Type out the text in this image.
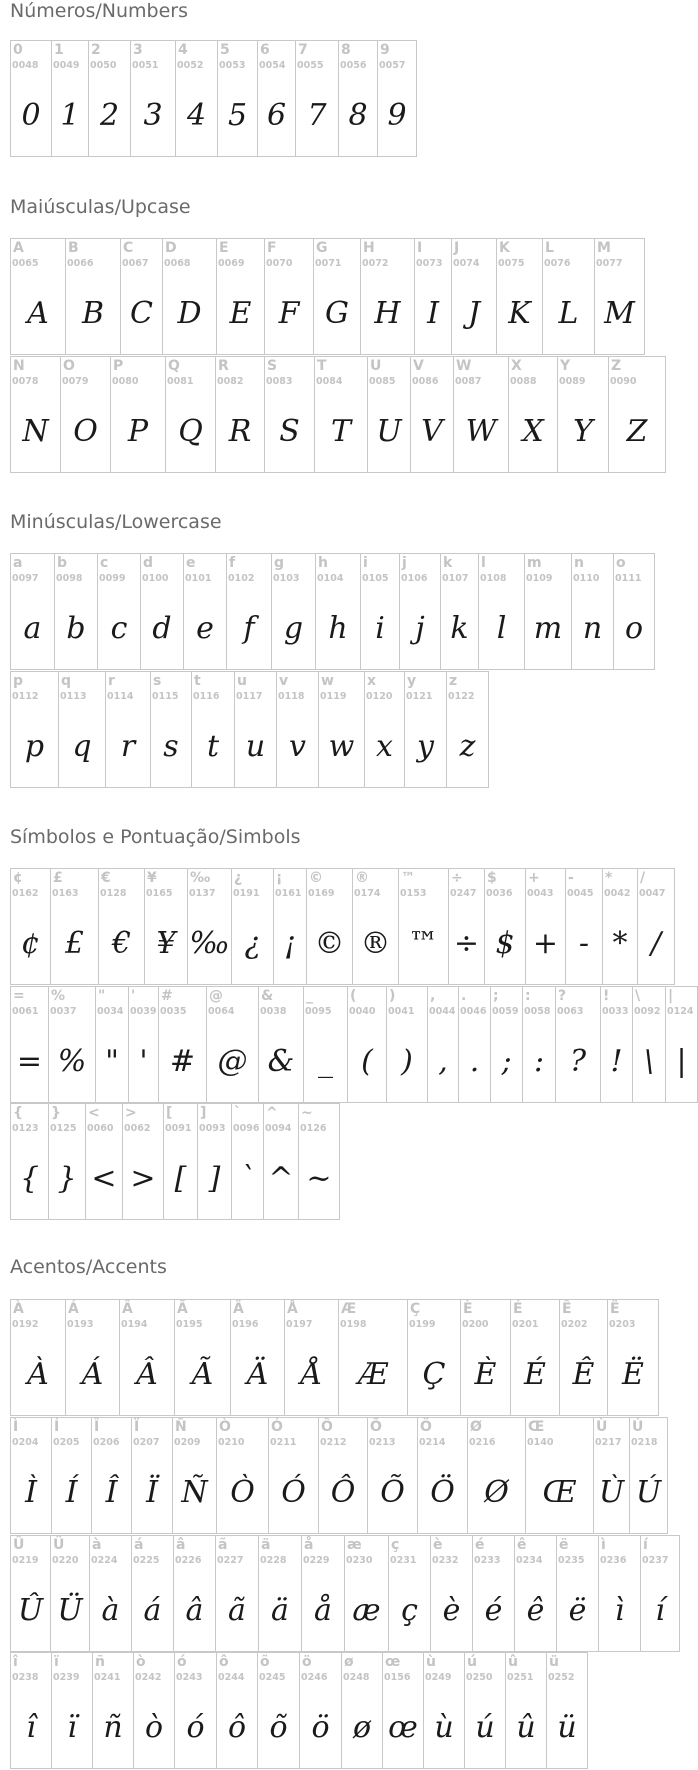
Números/Numbers
Maiúsculas/Upcase
Minúsculas/Lowercase
Símbolos e Pontuação/Simbols
Acentos/Accents
0
0048
0
1
0049
1
2
0050
2
3
0051
3
4
0052
4
5
0053
5
6
0054
6
7
0055
7
8
0056
8
9
0057
9
A
0065
A
B
0066
B
C
0067
C
D
0068
D
E
0069
E
F
0070
F
G
0071
G
H
0072
H
I
0073
I
J
0074
J
K
0075
K
L
0076
L
M
0077
M
N
0078
N
O
0079
O
P
0080
P
Q
0081
Q
R
0082
R
S
0083
S
T
0084
T
U
0085
U
V
0086
V
W
0087
W
X
0088
X
Y
0089
Y
Z
0090
Z
a
0097
a
b
0098
b
c
0099
c
d
0100
d
e
0101
e
f
0102
f
g
0103
g
h
0104
h
i
0105
i
j
0106
j
k
0107
k
l
0108
l
m
0109
m
n
0110
n
o
0111
o
p
0112
p
q
0113
q
r
0114
r
s
0115
s
t
0116
t
u
0117
u
v
0118
v
w
0119
w
x
0120
x
y
0121
y
z
0122
z
¢
0162
¢
£
0163
£
€
0128
€
¥
0165
¥
‰
0137
‰
¿
0191
¿
¡
0161
¡
©
0169
©
®
0174
®
™
0153
™
÷
0247
÷
$
0036
$
+
0043
+
-
0045
-
*
0042
*
/
0047
/
=
0061
=
%
0037
%
"
0034
"
'
0039
'
#
0035
#
@
0064
@
&
0038
&
_
0095
_
(
0040
(
)
0041
)
,
0044
,
.
0046
.
;
0059
;
:
0058
:
?
0063
?
!
0033
!
\
0092
\
|
0124
|
{
0123
{
}
0125
}
<
0060
<
>
0062
>
[
0091
[
]
0093
]
`
0096
`
^
0094
^
~
0126
~
À
0192
À
Á
0193
Á
Â
0194
Â
Ã
0195
Ã
Ä
0196
Ä
Å
0197
Å
Æ
0198
Æ
Ç
0199
Ç
È
0200
È
É
0201
É
Ê
0202
Ê
Ë
0203
Ë
Ì
0204
Ì
Í
0205
Í
Î
0206
Î
Ï
0207
Ï
Ñ
0209
Ñ
Ò
0210
Ò
Ó
0211
Ó
Ô
0212
Ô
Õ
0213
Õ
Ö
0214
Ö
Ø
0216
Ø
Œ
0140
Œ
Ù
0217
Ù
Ú
0218
Ú
Û
0219
Û
Ü
0220
Ü
à
0224
à
á
0225
á
â
0226
â
ã
0227
ã
ä
0228
ä
å
0229
å
æ
0230
æ
ç
0231
ç
è
0232
è
é
0233
é
ê
0234
ê
ë
0235
ë
ì
0236
ì
í
0237
í
î
0238
î
ï
0239
ï
ñ
0241
ñ
ò
0242
ò
ó
0243
ó
ô
0244
ô
õ
0245
õ
ö
0246
ö
ø
0248
ø
œ
0156
œ
ù
0249
ù
ú
0250
ú
û
0251
û
ü
0252
ü
